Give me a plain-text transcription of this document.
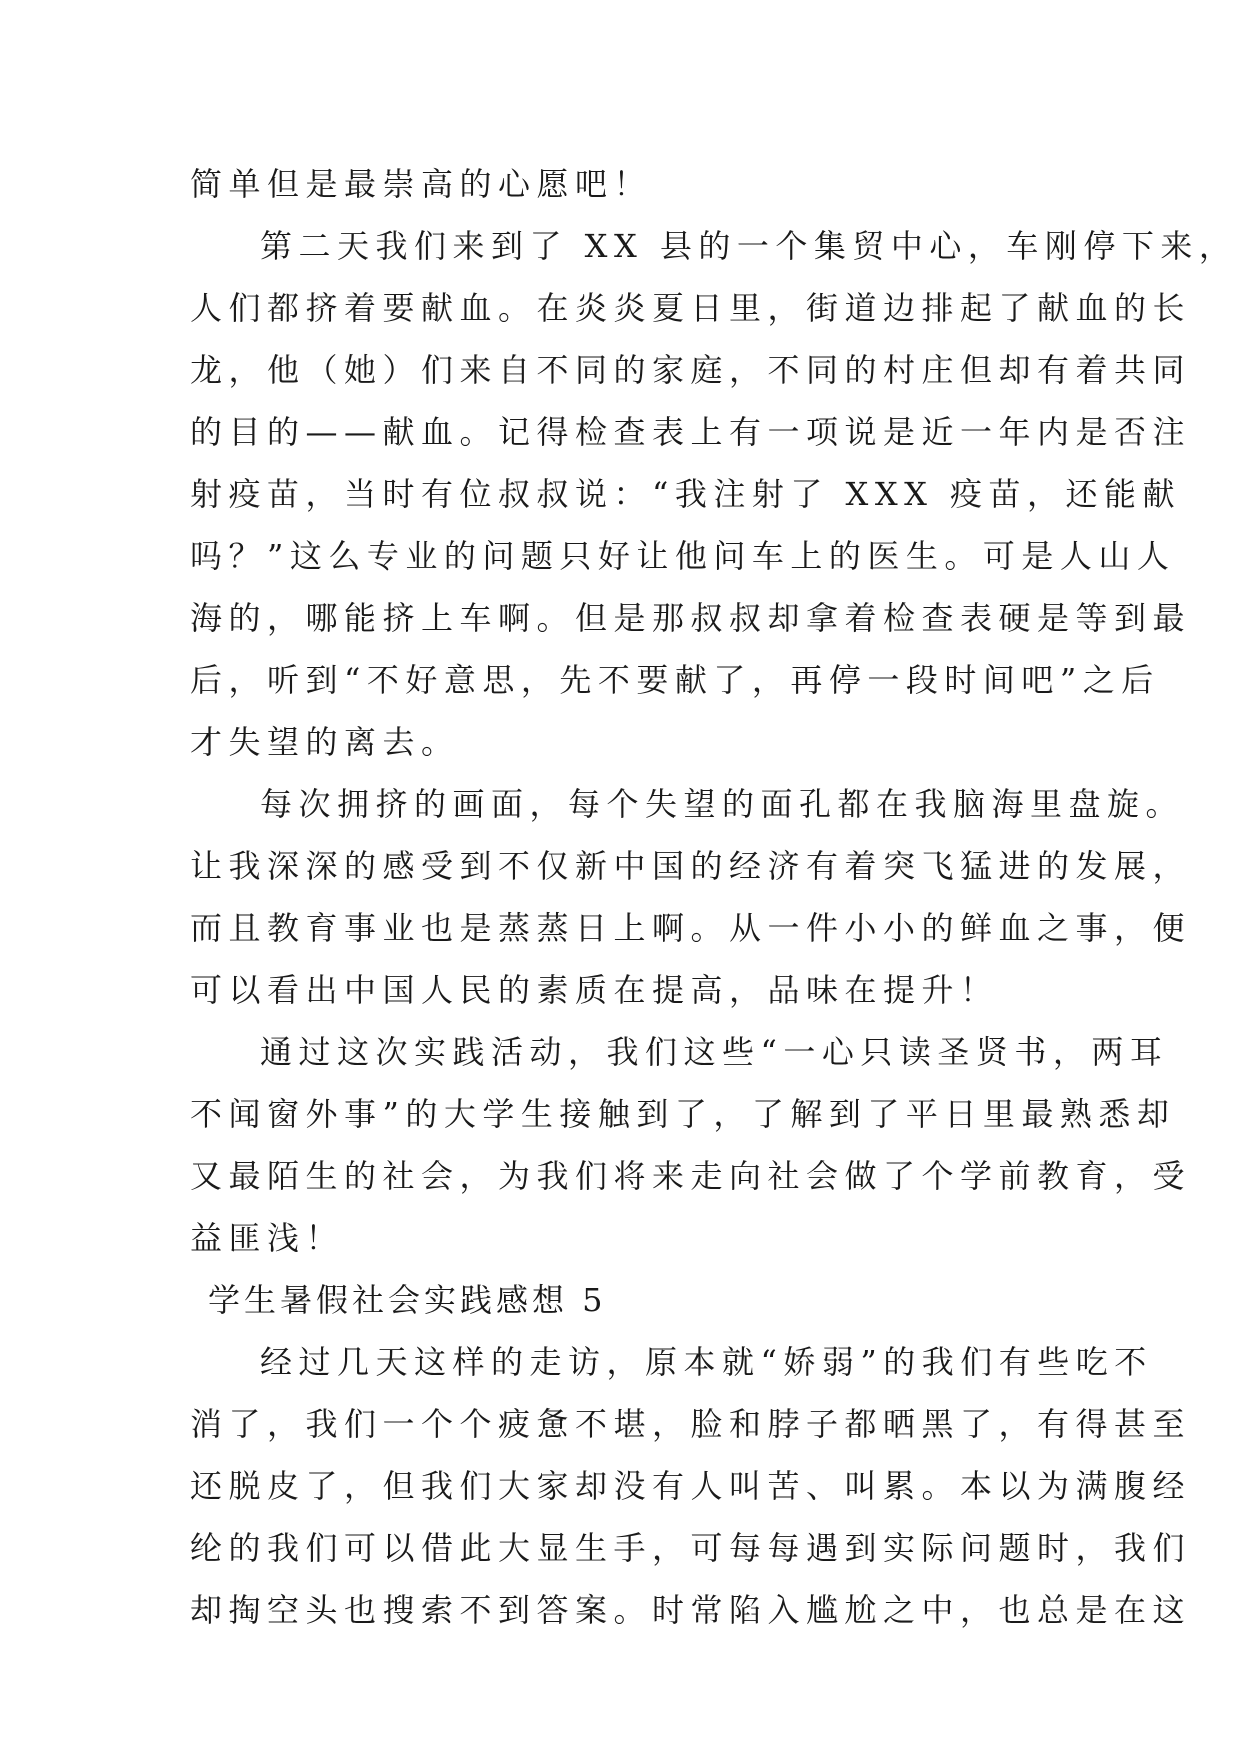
简单但是最崇高的心愿吧！
第二天我们来到了 XX 县的一个集贸中心，车刚停下来，
人们都挤着要献血。在炎炎夏日里，街道边排起了献血的长
龙，他（她）们来自不同的家庭，不同的村庄但却有着共同
的目的——献血。记得检查表上有一项说是近一年内是否注
射疫苗，当时有位叔叔说：“我注射了 XXX 疫苗，还能献
吗？”这么专业的问题只好让他问车上的医生。可是人山人
海的，哪能挤上车啊。但是那叔叔却拿着检查表硬是等到最
后，听到“不好意思，先不要献了，再停一段时间吧”之后
才失望的离去。
每次拥挤的画面，每个失望的面孔都在我脑海里盘旋。
让我深深的感受到不仅新中国的经济有着突飞猛进的发展，
而且教育事业也是蒸蒸日上啊。从一件小小的鲜血之事，便
可以看出中国人民的素质在提高，品味在提升！
通过这次实践活动，我们这些“一心只读圣贤书，两耳
不闻窗外事”的大学生接触到了，了解到了平日里最熟悉却
又最陌生的社会，为我们将来走向社会做了个学前教育，受
益匪浅！
学生暑假社会实践感想 5
经过几天这样的走访，原本就“娇弱”的我们有些吃不
消了，我们一个个疲惫不堪，脸和脖子都晒黑了，有得甚至
还脱皮了，但我们大家却没有人叫苦、叫累。本以为满腹经
纶的我们可以借此大显生手，可每每遇到实际问题时，我们
却掏空头也搜索不到答案。时常陷入尴尬之中，也总是在这
